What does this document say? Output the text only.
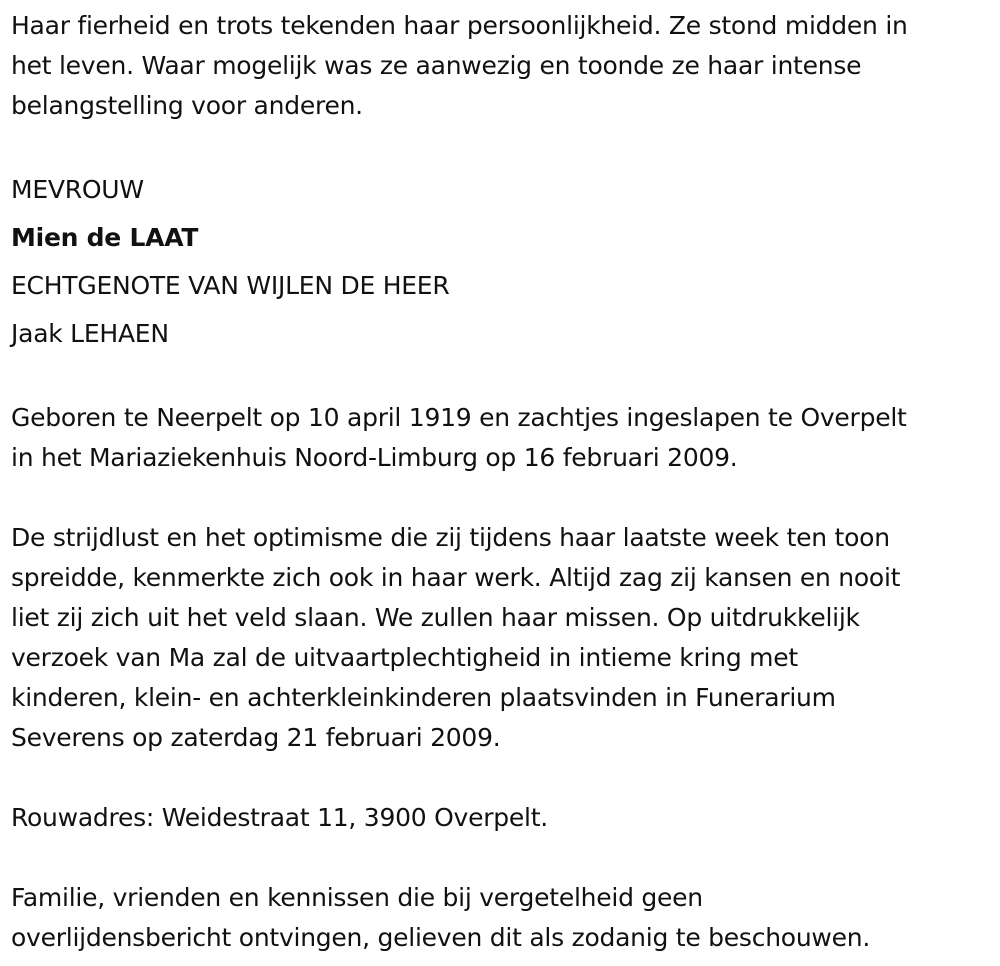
Haar fierheid en trots tekenden haar persoonlijkheid. Ze stond midden in
het leven. Waar mogelijk was ze aanwezig en toonde ze haar intense
belangstelling voor anderen.
MEVROUW
Mien de LAAT
ECHTGENOTE VAN WIJLEN DE HEER
Jaak LEHAEN
Geboren te Neerpelt op 10 april 1919 en zachtjes ingeslapen te Overpelt
in het Mariaziekenhuis Noord-Limburg op 16 februari 2009.
De strijdlust en het optimisme die zij tijdens haar laatste week ten toon
spreidde, kenmerkte zich ook in haar werk. Altijd zag zij kansen en nooit
liet zij zich uit het veld slaan. We zullen haar missen. Op uitdrukkelijk
verzoek van Ma zal de uitvaartplechtigheid in intieme kring met
kinderen, klein- en achterkleinkinderen plaatsvinden in Funerarium
Severens op zaterdag 21 februari 2009.
Rouwadres: Weidestraat 11, 3900 Overpelt.
Familie, vrienden en kennissen die bij vergetelheid geen
overlijdensbericht ontvingen, gelieven dit als zodanig te beschouwen.
